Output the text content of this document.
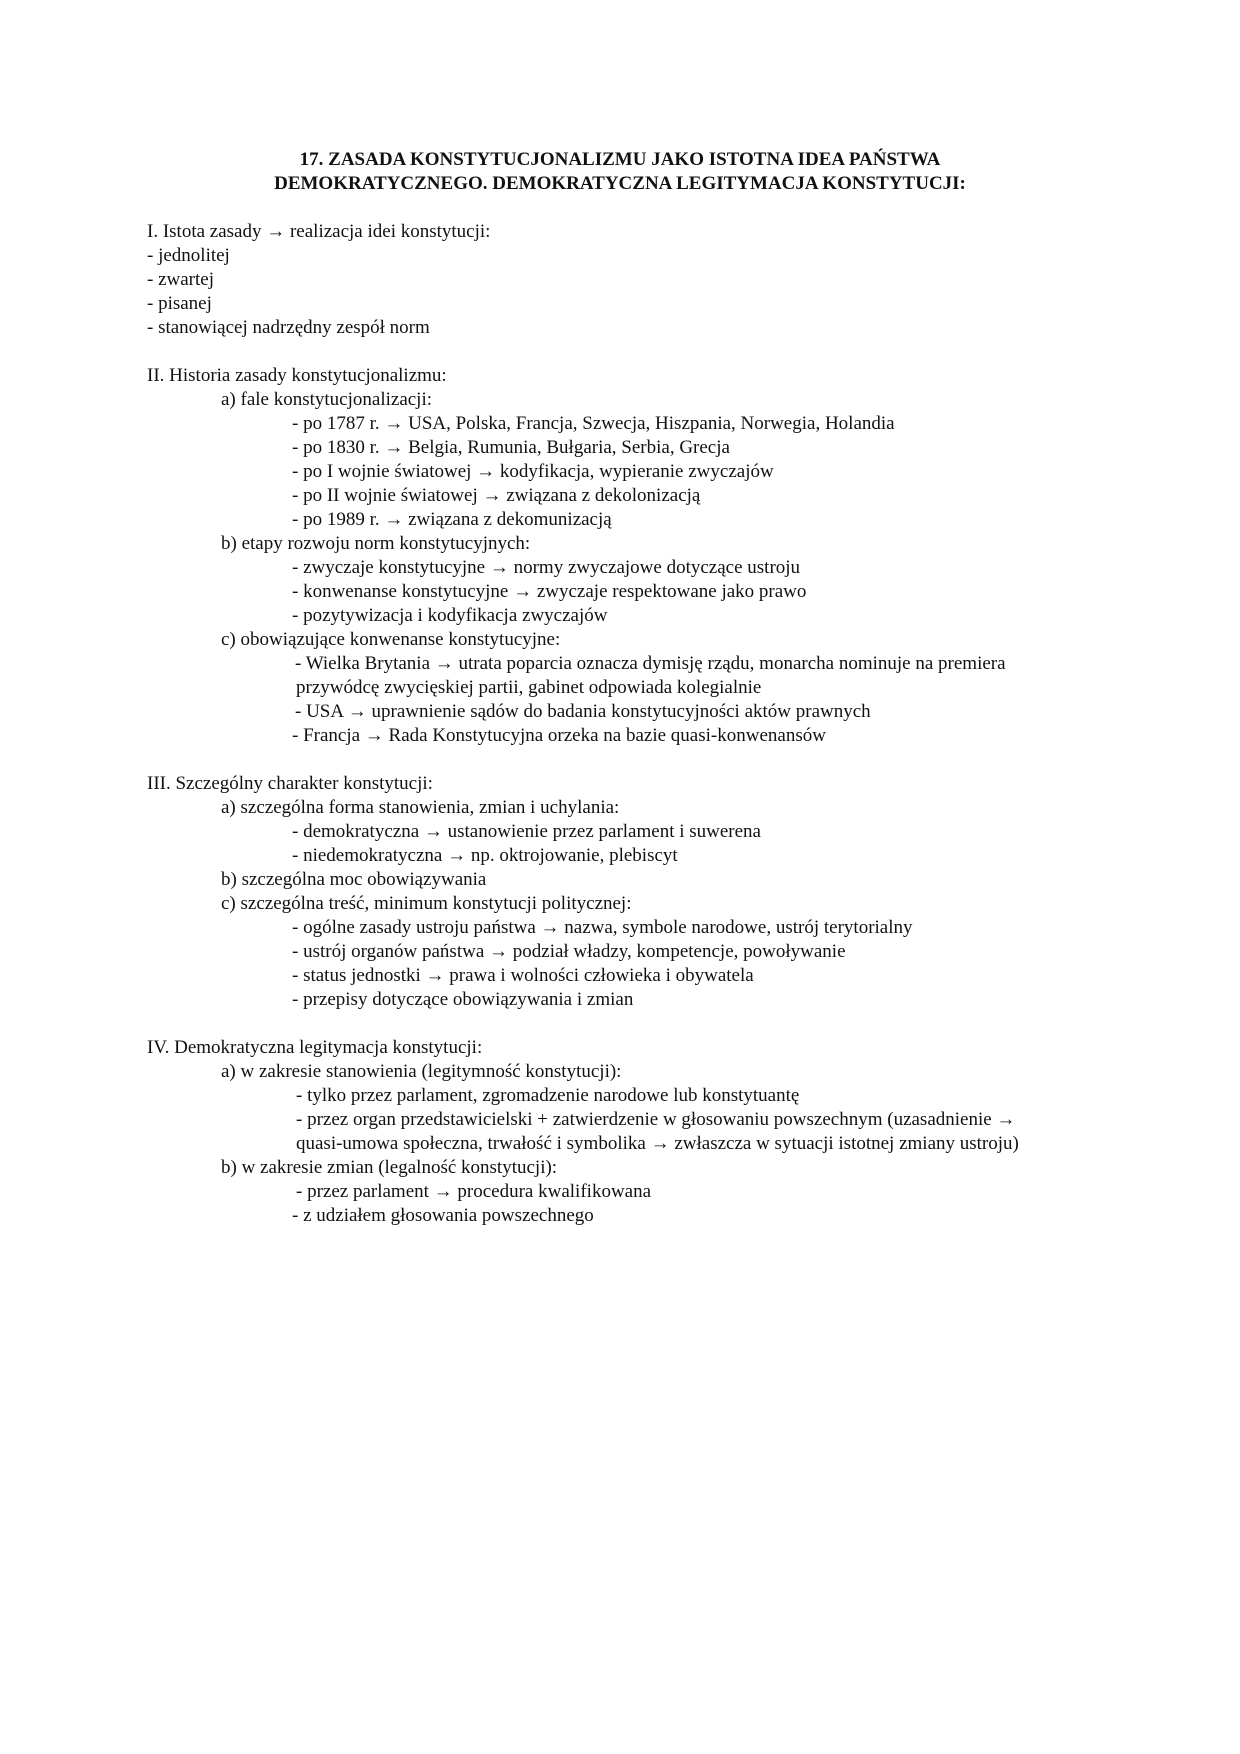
17. ZASADA KONSTYTUCJONALIZMU JAKO ISTOTNA IDEA PAŃSTWA
DEMOKRATYCZNEGO. DEMOKRATYCZNA LEGITYMACJA KONSTYTUCJI:
I. Istota zasady → realizacja idei konstytucji:
- jednolitej
- zwartej
- pisanej
- stanowiącej nadrzędny zespół norm
II. Historia zasady konstytucjonalizmu:
a) fale konstytucjonalizacji:
- po 1787 r. → USA, Polska, Francja, Szwecja, Hiszpania, Norwegia, Holandia
- po 1830 r. → Belgia, Rumunia, Bułgaria, Serbia, Grecja
- po I wojnie światowej → kodyfikacja, wypieranie zwyczajów
- po II wojnie światowej → związana z dekolonizacją
- po 1989 r. → związana z dekomunizacją
b) etapy rozwoju norm konstytucyjnych:
- zwyczaje konstytucyjne → normy zwyczajowe dotyczące ustroju
- konwenanse konstytucyjne → zwyczaje respektowane jako prawo
- pozytywizacja i kodyfikacja zwyczajów
c) obowiązujące konwenanse konstytucyjne:
- Wielka Brytania → utrata poparcia oznacza dymisję rządu, monarcha nominuje na premiera
przywódcę zwycięskiej partii, gabinet odpowiada kolegialnie
- USA → uprawnienie sądów do badania konstytucyjności aktów prawnych
- Francja → Rada Konstytucyjna orzeka na bazie quasi-konwenansów
III. Szczególny charakter konstytucji:
a) szczególna forma stanowienia, zmian i uchylania:
- demokratyczna → ustanowienie przez parlament i suwerena
- niedemokratyczna → np. oktrojowanie, plebiscyt
b) szczególna moc obowiązywania
c) szczególna treść, minimum konstytucji politycznej:
- ogólne zasady ustroju państwa → nazwa, symbole narodowe, ustrój terytorialny
- ustrój organów państwa → podział władzy, kompetencje, powoływanie
- status jednostki → prawa i wolności człowieka i obywatela
- przepisy dotyczące obowiązywania i zmian
IV. Demokratyczna legitymacja konstytucji:
a) w zakresie stanowienia (legitymność konstytucji):
- tylko przez parlament, zgromadzenie narodowe lub konstytuantę
- przez organ przedstawicielski + zatwierdzenie w głosowaniu powszechnym (uzasadnienie →
quasi-umowa społeczna, trwałość i symbolika → zwłaszcza w sytuacji istotnej zmiany ustroju)
b) w zakresie zmian (legalność konstytucji):
- przez parlament → procedura kwalifikowana
- z udziałem głosowania powszechnego
